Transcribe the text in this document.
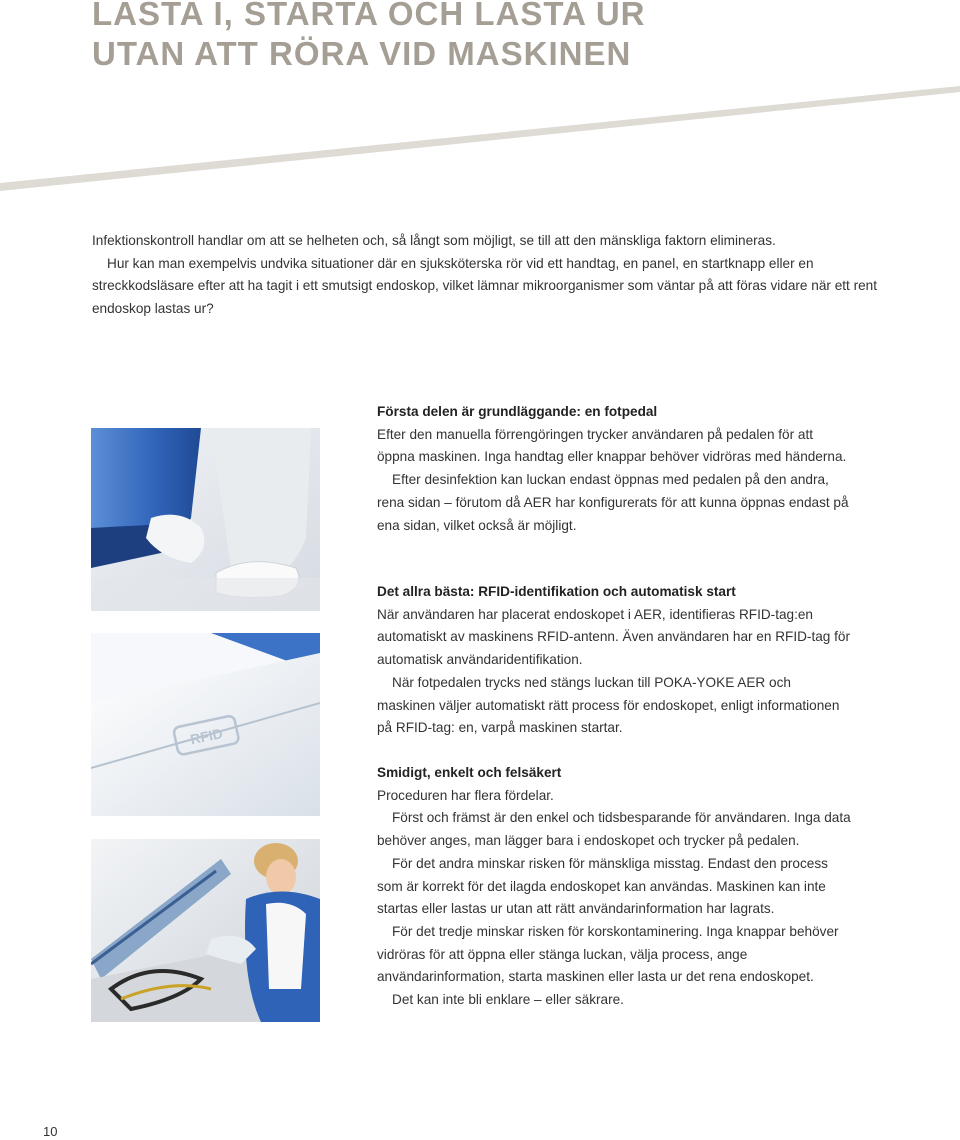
LASTA I, STARTA OCH LASTA UR
UTAN ATT RÖRA VID MASKINEN

Infektionskontroll handlar om att se helheten och, så långt som möjligt, se till att den mänskliga faktorn elimineras.

Hur kan man exempelvis undvika situationer där en sjuksköterska rör vid ett handtag, en panel, en startknapp eller en streckkodsläsare efter att ha tagit i ett smutsigt endoskop, vilket lämnar mikroorganismer som väntar på att föras vidare när ett rent endoskop lastas ur?

RFID
Första delen är grundläggande: en fotpedal

Efter den manuella förrengöringen trycker användaren på pedalen för att öppna maskinen. Inga handtag eller knappar behöver vidröras med händerna.

Efter desinfektion kan luckan endast öppnas med pedalen på den andra, rena sidan – förutom då AER har konfigurerats för att kunna öppnas endast på ena sidan, vilket också är möjligt.

Det allra bästa: RFID-identifikation och automatisk start

När användaren har placerat endoskopet i AER, identifieras RFID-tag:en automatiskt av maskinens RFID-antenn. Även användaren har en RFID-tag för automatisk användaridentifikation.

När fotpedalen trycks ned stängs luckan till POKA-YOKE AER och maskinen väljer automatiskt rätt process för endoskopet, enligt informationen på RFID-tag: en, varpå maskinen startar.

Smidigt, enkelt och felsäkert

Proceduren har flera fördelar.

Först och främst är den enkel och tidsbesparande för användaren. Inga data behöver anges, man lägger bara i endoskopet och trycker på pedalen.

För det andra minskar risken för mänskliga misstag. Endast den process som är korrekt för det ilagda endoskopet kan användas. Maskinen kan inte startas eller lastas ur utan att rätt användarinformation har lagrats.

För det tredje minskar risken för korskontaminering. Inga knappar behöver vidröras för att öppna eller stänga luckan, välja process, ange användarinformation, starta maskinen eller lasta ur det rena endoskopet.

Det kan inte bli enklare – eller säkrare.

10
